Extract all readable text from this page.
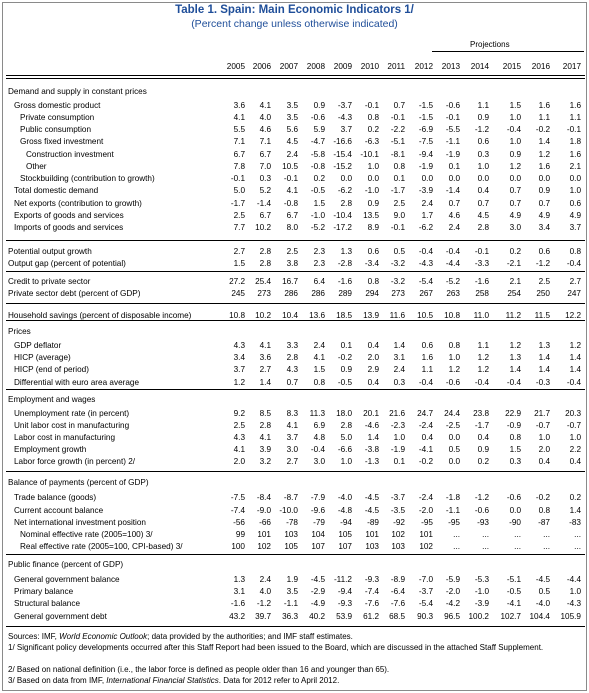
Table 1. Spain: Main Economic Indicators 1/
(Percent change unless otherwise indicated)
Projections
2005 2006	2007	2008	2009	2010	2011	2012	2013	2014	2015	2016	2017
Demand and supply in constant prices
Gross domestic product	3.6	4.1	3.5	0.9	-3.7	-0.1	0.7	-1.5	-0.6	1.1	1.5	1.6	1.6
Private consumption	4.1	4.0	3.5	-0.6	-4.3	0.8	-0.1	-1.5	-0.1	0.9	1.0	1.1	1.1
Public consumption	5.5	4.6	5.6	5.9	3.7	0.2	-2.2	-6.9	-5.5	-1.2	-0.4	-0.2	-0.1
Gross fixed investment	7.1	7.1	4.5	-4.7	-16.6	-6.3	-5.1	-7.5	-1.1	0.6	1.0	1.4	1.8
Construction investment	6.7	6.7	2.4	-5.8	-15.4	-10.1	-8.1	-9.4	-1.9	0.3	0.9	1.2	1.6
Other	7.8	7.0	10.5	-0.8	-15.2	1.0	0.8	-1.9	0.1	1.0	1.2	1.6	2.1
Stockbuilding (contribution to growth)	-0.1	0.3	-0.1	0.2	0.0	0.0	0.1	0.0	0.0	0.0	0.0	0.0	0.0
Total domestic demand	5.0	5.2	4.1	-0.5	-6.2	-1.0	-1.7	-3.9	-1.4	0.4	0.7	0.9	1.0
Net exports (contribution to growth)	-1.7	-1.4	-0.8	1.5	2.8	0.9	2.5	2.4	0.7	0.7	0.7	0.7	0.6
Exports of goods and services	2.5	6.7	6.7	-1.0	-10.4	13.5	9.0	1.7	4.6	4.5	4.9	4.9	4.9
Imports of goods and services	7.7	10.2	8.0	-5.2	-17.2	8.9	-0.1	-6.2	2.4	2.8	3.0	3.4	3.7
Potential output growth	2.7	2.8	2.5	2.3	1.3	0.6	0.5	-0.4	-0.4	-0.1	0.2	0.6	0.8
Output gap (percent of potential)	1.5	2.8	3.8	2.3	-2.8	-3.4	-3.2	-4.3	-4.4	-3.3	-2.1	-1.2	-0.4
Credit to private sector	27.2	25.4	16.7	6.4	-1.6	0.8	-3.2	-5.4	-5.2	-1.6	2.1	2.5	2.7
Private sector debt (percent of GDP)	245	273	286	286	289	294	273	267	263	258	254	250	247
Household savings (percent of disposable income)	10.8	10.2	10.4	13.6	18.5	13.9	11.6	10.5	10.8	11.0	11.2	11.5	12.2
Prices
GDP deflator	4.3	4.1	3.3	2.4	0.1	0.4	1.4	0.6	0.8	1.1	1.2	1.3	1.2
HICP (average)	3.4	3.6	2.8	4.1	-0.2	2.0	3.1	1.6	1.0	1.2	1.3	1.4	1.4
HICP (end of period)	3.7	2.7	4.3	1.5	0.9	2.9	2.4	1.1	1.2	1.2	1.4	1.4	1.4
Differential with euro area average	1.2	1.4	0.7	0.8	-0.5	0.4	0.3	-0.4	-0.6	-0.4	-0.4	-0.3	-0.4
Employment and wages
Unemployment rate (in percent)	9.2	8.5	8.3	11.3	18.0	20.1	21.6	24.7	24.4	23.8	22.9	21.7	20.3
Unit labor cost in manufacturing	2.5	2.8	4.1	6.9	2.8	-4.6	-2.3	-2.4	-2.5	-1.7	-0.9	-0.7	-0.7
Labor cost in manufacturing	4.3	4.1	3.7	4.8	5.0	1.4	1.0	0.4	0.0	0.4	0.8	1.0	1.0
Employment growth	4.1	3.9	3.0	-0.4	-6.6	-3.8	-1.9	-4.1	0.5	0.9	1.5	2.0	2.2
Labor force growth (in percent) 2/	2.0	3.2	2.7	3.0	1.0	-1.3	0.1	-0.2	0.0	0.2	0.3	0.4	0.4
Balance of payments (percent of GDP)
Trade balance (goods)	-7.5	-8.4	-8.7	-7.9	-4.0	-4.5	-3.7	-2.4	-1.8	-1.2	-0.6	-0.2	0.2
Current account balance	-7.4	-9.0	-10.0	-9.6	-4.8	-4.5	-3.5	-2.0	-1.1	-0.6	0.0	0.8	1.4
Net international investment position	-56	-66	-78	-79	-94	-89	-92	-95	-95	-93	-90	-87	-83
Nominal effective rate (2005=100) 3/	99	101	103	104	105	101	102	101	...	...	...	...	...
Real effective rate (2005=100, CPI-based) 3/	100	102	105	107	107	103	103	102	...	...	...	...	...
Public finance (percent of GDP)
General government balance	1.3	2.4	1.9	-4.5	-11.2	-9.3	-8.9	-7.0	-5.9	-5.3	-5.1	-4.5	-4.4
Primary balance	3.1	4.0	3.5	-2.9	-9.4	-7.4	-6.4	-3.7	-2.0	-1.0	-0.5	0.5	1.0
Structural balance	-1.6	-1.2	-1.1	-4.9	-9.3	-7.6	-7.6	-5.4	-4.2	-3.9	-4.1	-4.0	-4.3
General government debt	43.2	39.7	36.3	40.2	53.9	61.2	68.5	90.3	96.5	100.2	102.7	104.4	105.9
Sources: IMF, World Economic Outlook; data provided by the authorities; and IMF staff estimates.
1/ Significant policy developments occurred after this Staff Report had been issued to the Board, which are discussed in the attached Staff Supplement.
2/ Based on national definition (i.e., the labor force is defined as people older than 16 and younger than 65).
3/ Based on data from IMF, International Financial Statistics. Data for 2012 refer to April 2012.
